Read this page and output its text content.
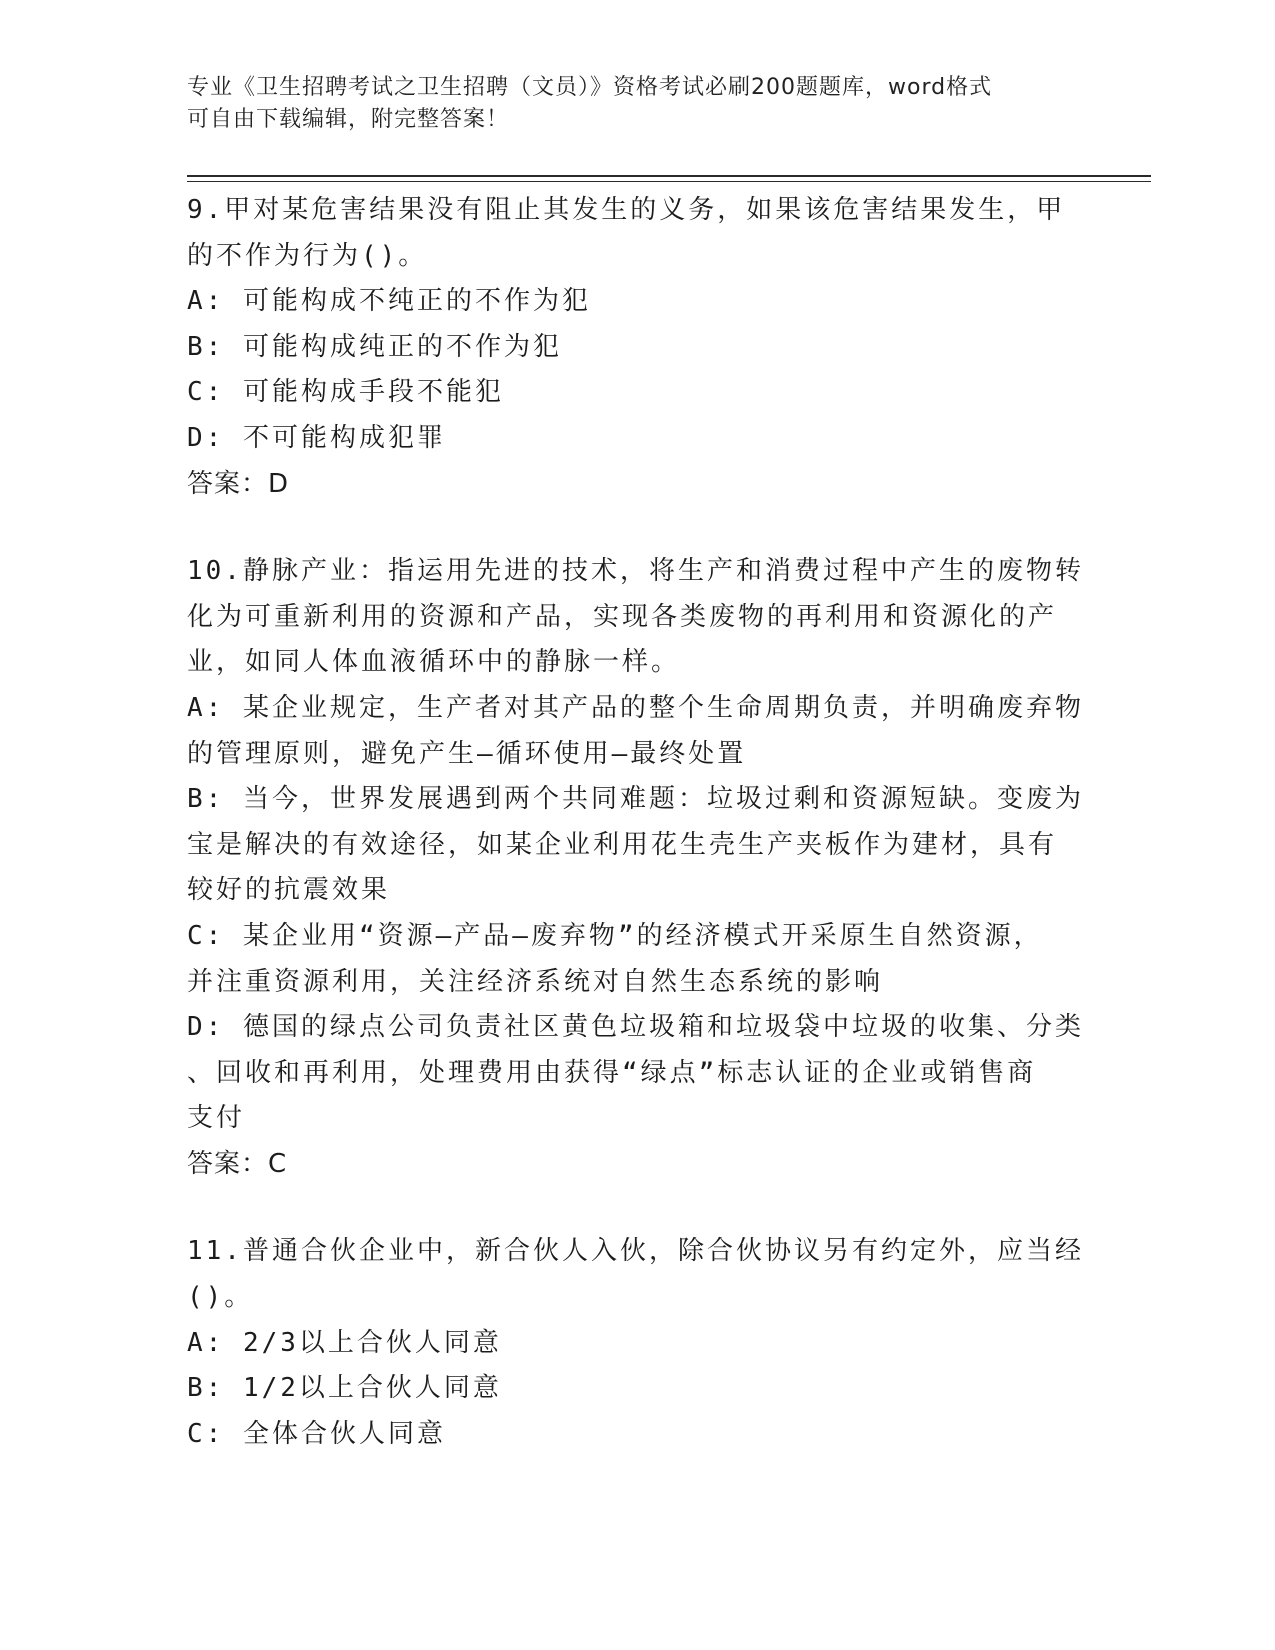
专业《卫生招聘考试之卫生招聘（文员）》资格考试必刷200题题库，word格式
可自由下载编辑，附完整答案！
9.甲对某危害结果没有阻止其发生的义务，如果该危害结果发生，甲
的不作为行为()。
A: 可能构成不纯正的不作为犯
B: 可能构成纯正的不作为犯
C: 可能构成手段不能犯
D: 不可能构成犯罪
答案：D
10.静脉产业：指运用先进的技术，将生产和消费过程中产生的废物转
化为可重新利用的资源和产品，实现各类废物的再利用和资源化的产
业，如同人体血液循环中的静脉一样。
A: 某企业规定，生产者对其产品的整个生命周期负责，并明确废弃物
的管理原则，避免产生—循环使用—最终处置
B: 当今，世界发展遇到两个共同难题：垃圾过剩和资源短缺。变废为
宝是解决的有效途径，如某企业利用花生壳生产夹板作为建材，具有
较好的抗震效果
C: 某企业用“资源—产品—废弃物”的经济模式开采原生自然资源，
并注重资源利用，关注经济系统对自然生态系统的影响
D: 德国的绿点公司负责社区黄色垃圾箱和垃圾袋中垃圾的收集、分类
、回收和再利用，处理费用由获得“绿点”标志认证的企业或销售商
支付
答案：C
11.普通合伙企业中，新合伙人入伙，除合伙协议另有约定外，应当经
()。
A: 2/3以上合伙人同意
B: 1/2以上合伙人同意
C: 全体合伙人同意
